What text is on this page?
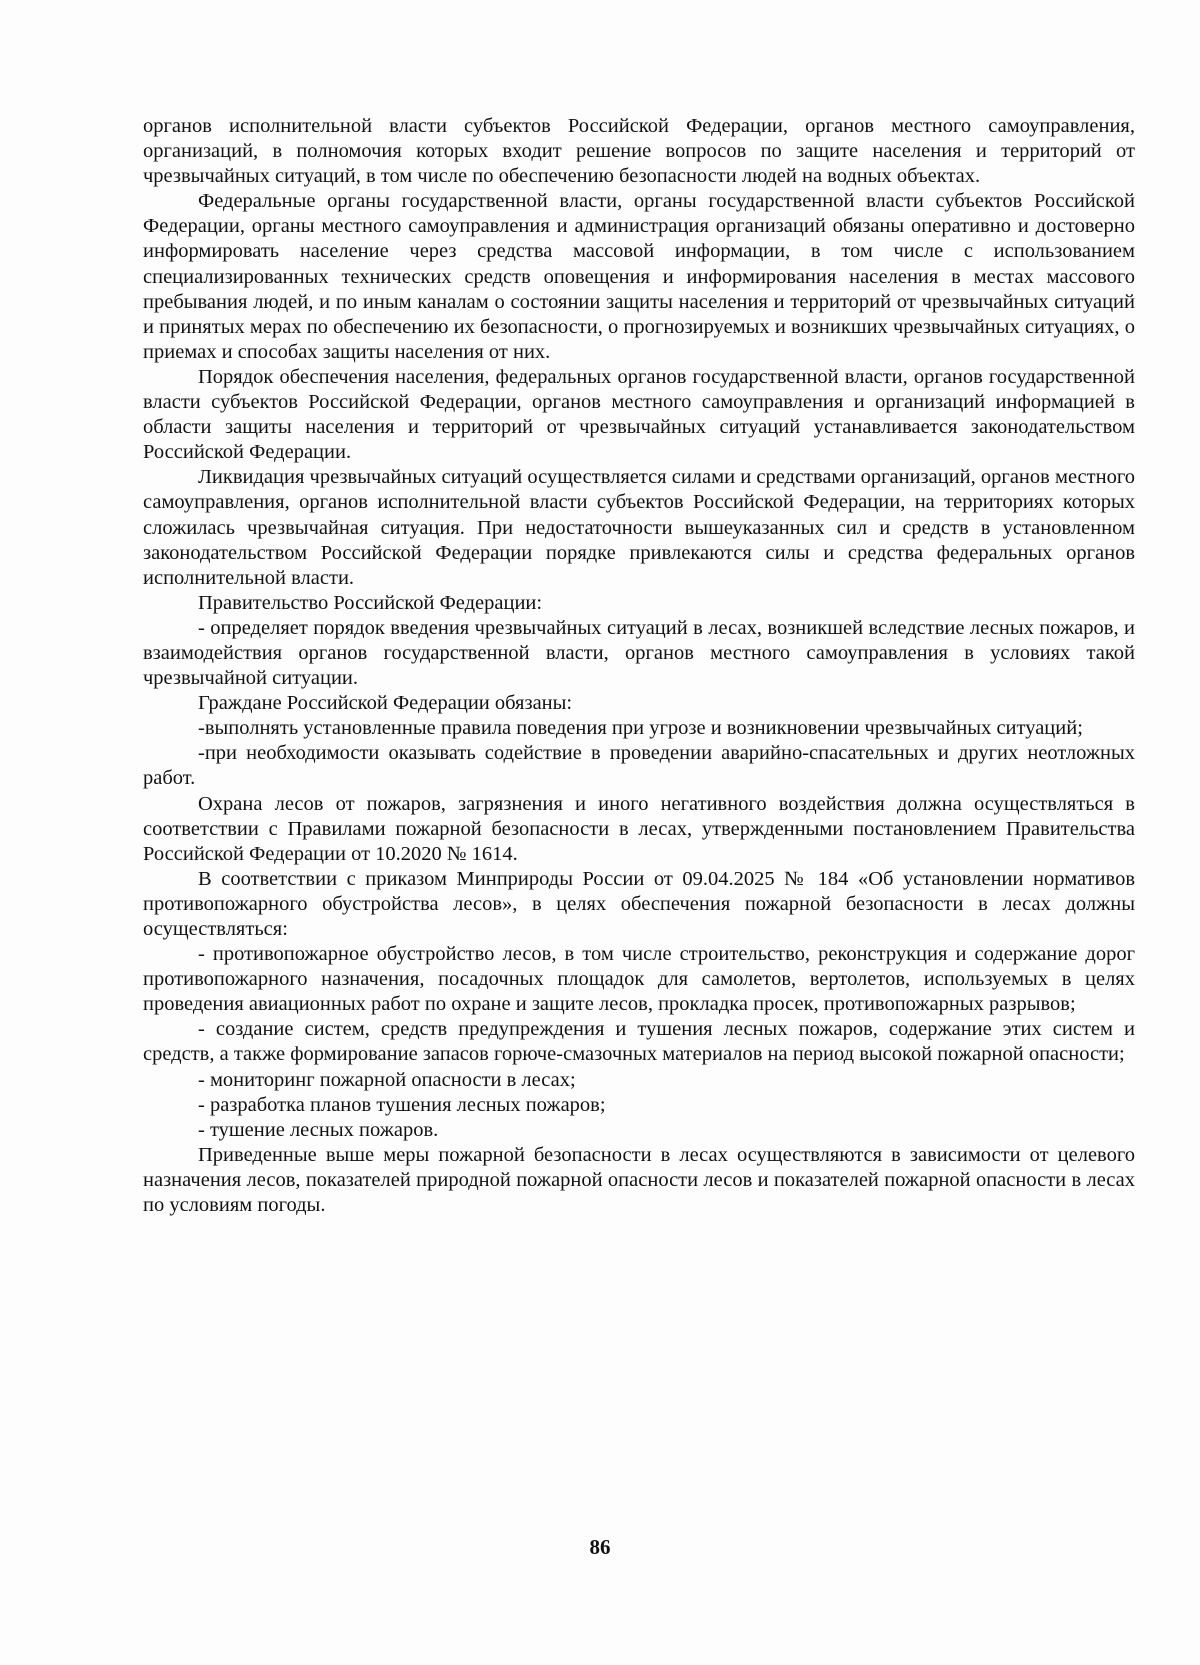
органов исполнительной власти субъектов Российской Федерации, органов местного самоуправления, организаций, в полномочия которых входит решение вопросов по защите населения и территорий от чрезвычайных ситуаций, в том числе по обеспечению безопасности людей на водных объектах.

Федеральные органы государственной власти, органы государственной власти субъектов Российской Федерации, органы местного самоуправления и администрация организаций обязаны оперативно и достоверно информировать население через средства массовой информации, в том числе с использованием специализированных технических средств оповещения и информирования населения в местах массового пребывания людей, и по иным каналам о состоянии защиты населения и территорий от чрезвычайных ситуаций и принятых мерах по обеспечению их безопасности, о прогнозируемых и возникших чрезвычайных ситуациях, о приемах и способах защиты населения от них.

Порядок обеспечения населения, федеральных органов государственной власти, органов государственной власти субъектов Российской Федерации, органов местного самоуправления и организаций информацией в области защиты населения и территорий от чрезвычайных ситуаций устанавливается законодательством Российской Федерации.

Ликвидация чрезвычайных ситуаций осуществляется силами и средствами организаций, органов местного самоуправления, органов исполнительной власти субъектов Российской Федерации, на территориях которых сложилась чрезвычайная ситуация. При недостаточности вышеуказанных сил и средств в установленном законодательством Российской Федерации порядке привлекаются силы и средства федеральных органов исполнительной власти.

Правительство Российской Федерации:

- определяет порядок введения чрезвычайных ситуаций в лесах, возникшей вследствие лесных пожаров, и взаимодействия органов государственной власти, органов местного самоуправления в условиях такой чрезвычайной ситуации.

Граждане Российской Федерации обязаны:

-выполнять установленные правила поведения при угрозе и возникновении чрезвычайных ситуаций;

-при необходимости оказывать содействие в проведении аварийно-спасательных и других неотложных работ.

Охрана лесов от пожаров, загрязнения и иного негативного воздействия должна осуществляться в соответствии с Правилами пожарной безопасности в лесах, утвержденными постановлением Правительства Российской Федерации от 10.2020 № 1614.

В соответствии с приказом Минприроды России от 09.04.2025 № 184 «Об установлении нормативов противопожарного обустройства лесов», в целях обеспечения пожарной безопасности в лесах должны осуществляться:

- противопожарное обустройство лесов, в том числе строительство, реконструкция и содержание дорог противопожарного назначения, посадочных площадок для самолетов, вертолетов, используемых в целях проведения авиационных работ по охране и защите лесов, прокладка просек, противопожарных разрывов;

- создание систем, средств предупреждения и тушения лесных пожаров, содержание этих систем и средств, а также формирование запасов горюче-смазочных материалов на период высокой пожарной опасности;

- мониторинг пожарной опасности в лесах;

- разработка планов тушения лесных пожаров;

- тушение лесных пожаров.

Приведенные выше меры пожарной безопасности в лесах осуществляются в зависимости от целевого назначения лесов, показателей природной пожарной опасности лесов и показателей пожарной опасности в лесах по условиям погоды.

86
